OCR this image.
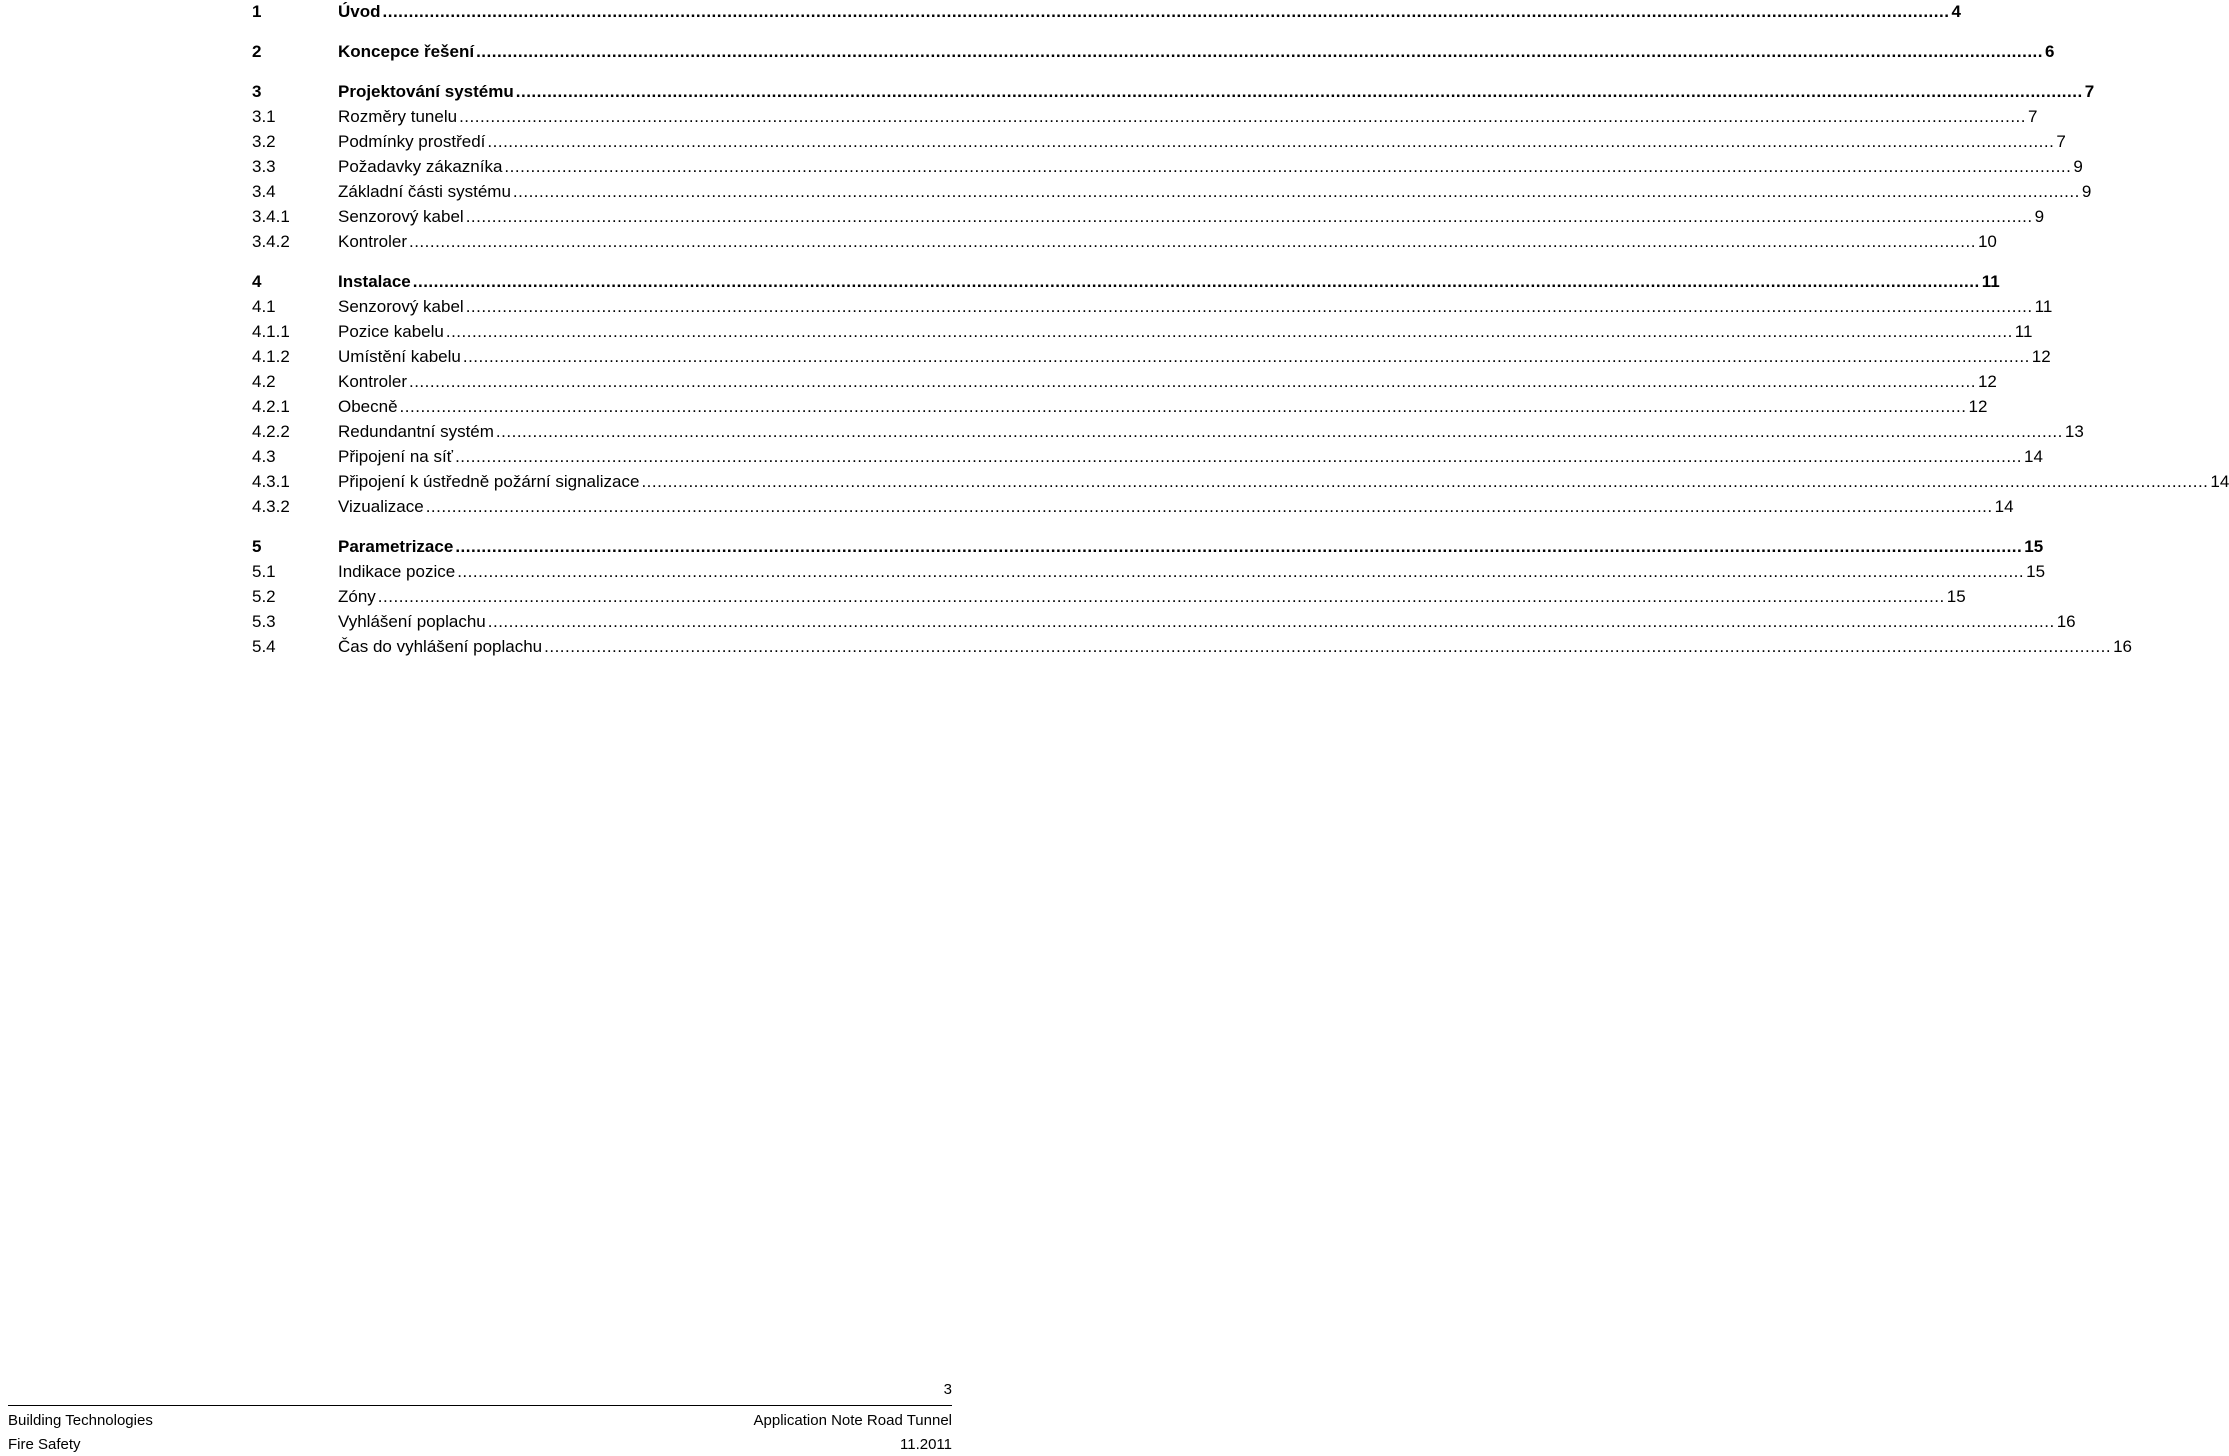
1	Úvod ............................................................................................................................................................................................................................................................................................................ 4
2	Koncepce řešení ............................................................................................................................................................................................................................................................................................................ 6
3	Projektování systému ............................................................................................................................................................................................................................................................................................................ 7
3.1	Rozměry tunelu ............................................................................................................................................................................................................................................................................................................ 7
3.2	Podmínky prostředí ............................................................................................................................................................................................................................................................................................................ 7
3.3	Požadavky zákazníka ............................................................................................................................................................................................................................................................................................................ 9
3.4	Základní části systému ............................................................................................................................................................................................................................................................................................................ 9
3.4.1	Senzorový kabel ............................................................................................................................................................................................................................................................................................................ 9
3.4.2	Kontroler ............................................................................................................................................................................................................................................................................................................ 10
4	Instalace ............................................................................................................................................................................................................................................................................................................ 11
4.1	Senzorový kabel ............................................................................................................................................................................................................................................................................................................ 11
4.1.1	Pozice kabelu ............................................................................................................................................................................................................................................................................................................ 11
4.1.2	Umístění kabelu ............................................................................................................................................................................................................................................................................................................ 12
4.2	Kontroler ............................................................................................................................................................................................................................................................................................................ 12
4.2.1	Obecně ............................................................................................................................................................................................................................................................................................................ 12
4.2.2	Redundantní systém ............................................................................................................................................................................................................................................................................................................ 13
4.3	Připojení na síť ............................................................................................................................................................................................................................................................................................................ 14
4.3.1	Připojení k ústředně požární signalizace ............................................................................................................................................................................................................................................................................................................ 14
4.3.2	Vizualizace ............................................................................................................................................................................................................................................................................................................ 14
5	Parametrizace ............................................................................................................................................................................................................................................................................................................ 15
5.1	Indikace pozice ............................................................................................................................................................................................................................................................................................................ 15
5.2	Zóny ............................................................................................................................................................................................................................................................................................................ 15
5.3	Vyhlášení poplachu ............................................................................................................................................................................................................................................................................................................ 16
5.4	Čas do vyhlášení poplachu ............................................................................................................................................................................................................................................................................................................ 16
3
Building Technologies
Fire Safety
Application Note Road Tunnel
11.2011
